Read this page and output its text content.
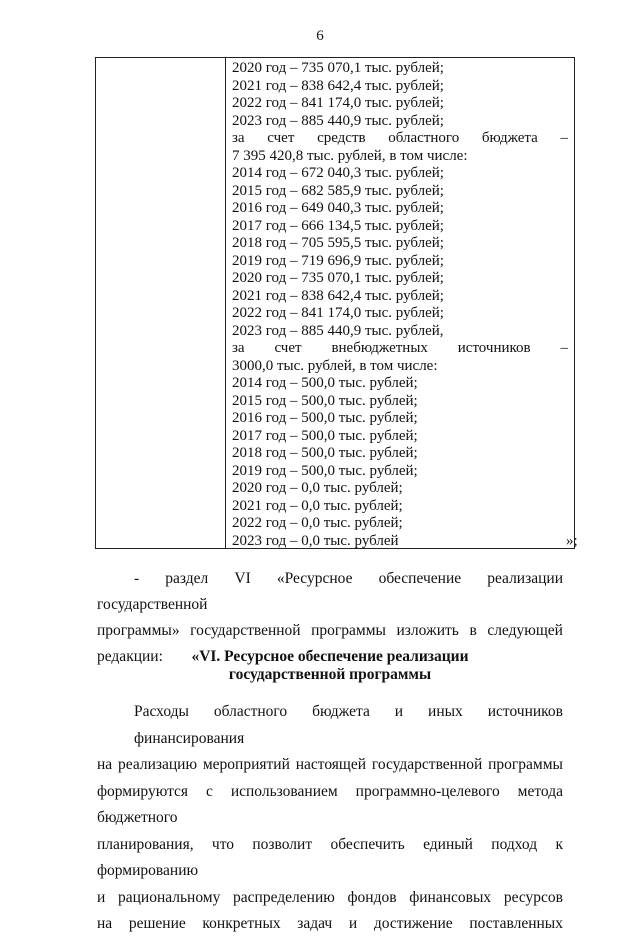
6
2020 год – 735 070,1 тыс. рублей;
2021 год – 838 642,4 тыс. рублей;
2022 год – 841 174,0 тыс. рублей;
2023 год – 885 440,9 тыс. рублей;
за счет средств областного бюджета –
7 395 420,8 тыс. рублей, в том числе:
2014 год – 672 040,3 тыс. рублей;
2015 год – 682 585,9 тыс. рублей;
2016 год – 649 040,3 тыс. рублей;
2017 год – 666 134,5 тыс. рублей;
2018 год – 705 595,5 тыс. рублей;
2019 год – 719 696,9 тыс. рублей;
2020 год – 735 070,1 тыс. рублей;
2021 год – 838 642,4 тыс. рублей;
2022 год – 841 174,0 тыс. рублей;
2023 год – 885 440,9 тыс. рублей,
за счет внебюджетных источников –
3000,0 тыс. рублей, в том числе:
2014 год – 500,0 тыс. рублей;
2015 год – 500,0 тыс. рублей;
2016 год – 500,0 тыс. рублей;
2017 год – 500,0 тыс. рублей;
2018 год – 500,0 тыс. рублей;
2019 год – 500,0 тыс. рублей;
2020 год – 0,0 тыс. рублей;
2021 год – 0,0 тыс. рублей;
2022 год – 0,0 тыс. рублей;
2023 год – 0,0 тыс. рублей	»;
- раздел VI «Ресурсное обеспечение реализации государственной
программы» государственной программы изложить в следующей
редакции:	«VI. Ресурсное обеспечение реализации
государственной программы
Расходы областного бюджета и иных источников финансирования
на реализацию мероприятий настоящей государственной программы
формируются с использованием программно-целевого метода бюджетного
планирования, что позволит обеспечить единый подход к формированию
и рациональному распределению фондов финансовых ресурсов
на решение конкретных задач и достижение поставленных
